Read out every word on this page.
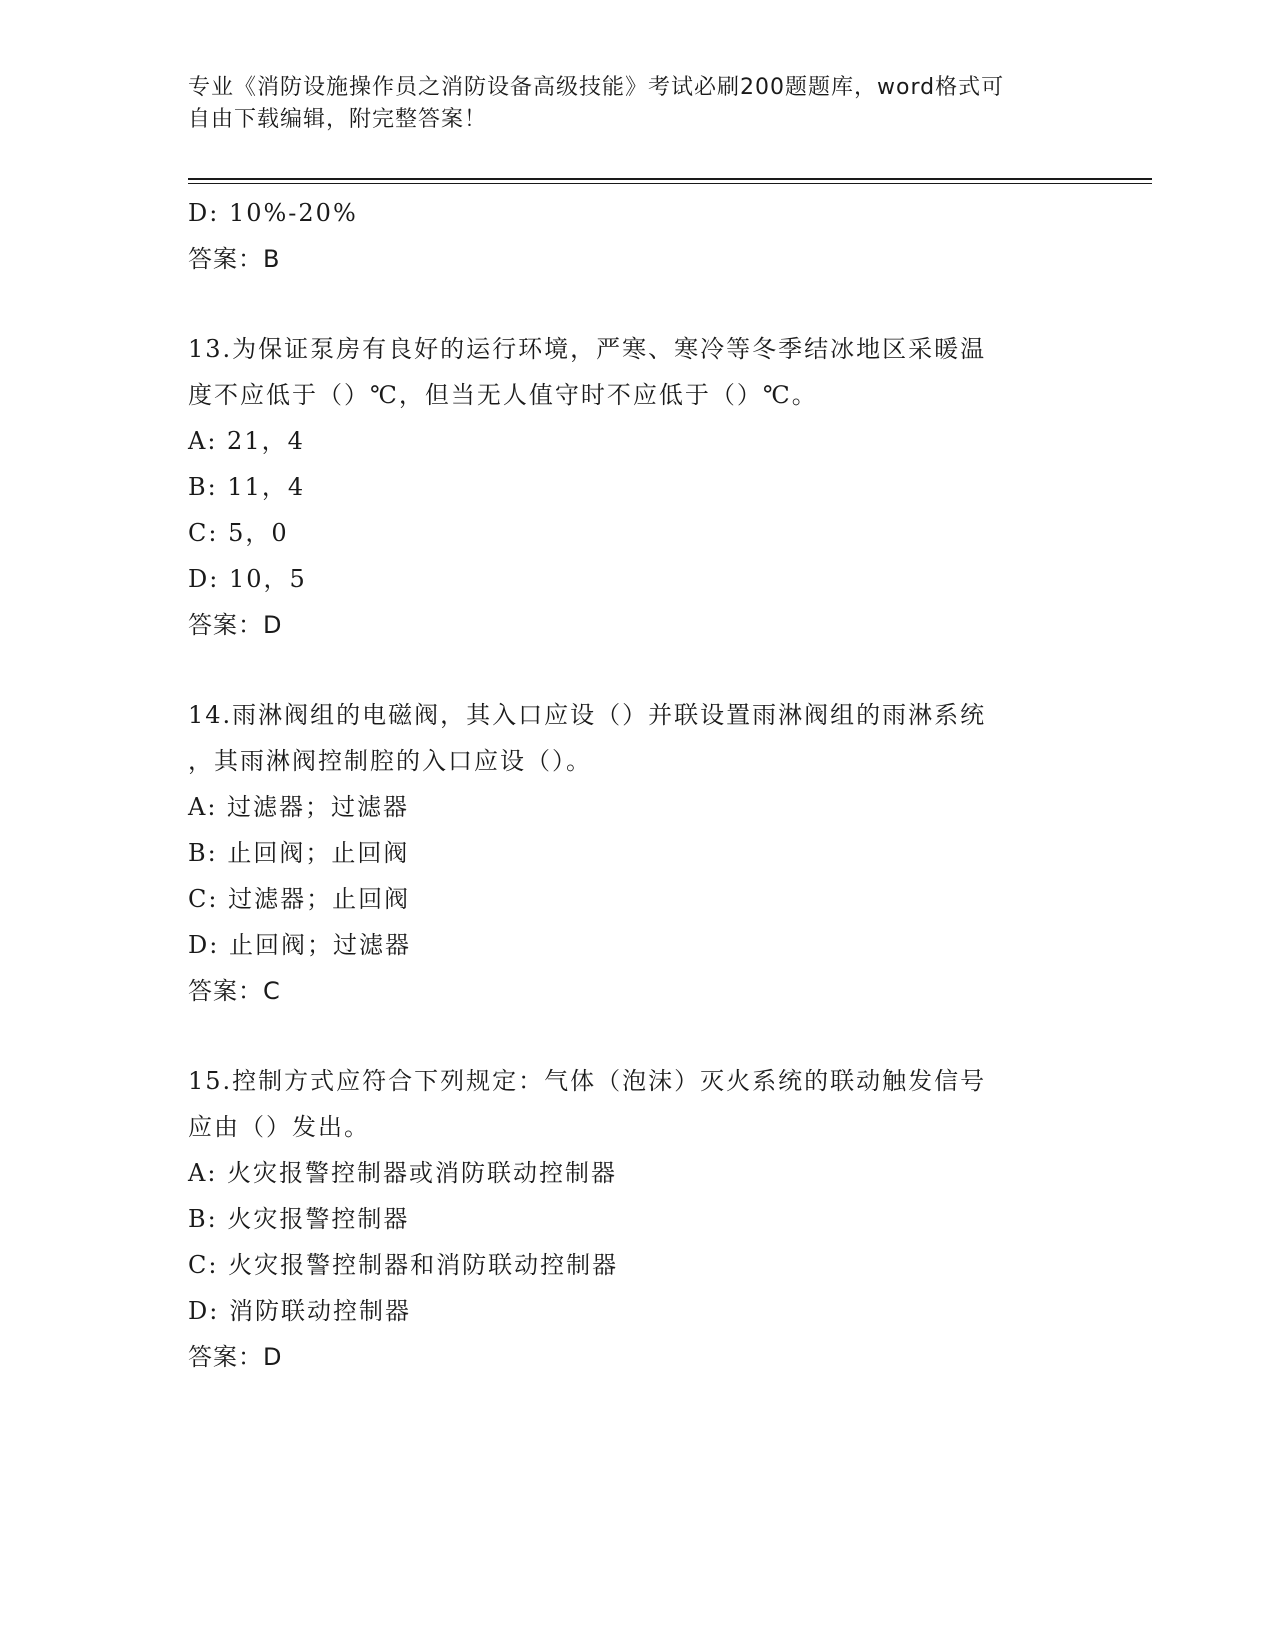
专业《消防设施操作员之消防设备高级技能》考试必刷200题题库，word格式可
自由下载编辑，附完整答案！
D: 10%-20%
答案：B
13.为保证泵房有良好的运行环境，严寒、寒冷等冬季结冰地区采暖温
度不应低于（）℃，但当无人值守时不应低于（）℃。
A: 21，4
B: 11，4
C: 5，0
D: 10，5
答案：D
14.雨淋阀组的电磁阀，其入口应设（）并联设置雨淋阀组的雨淋系统
，其雨淋阀控制腔的入口应设（）。
A: 过滤器；过滤器
B: 止回阀；止回阀
C: 过滤器；止回阀
D: 止回阀；过滤器
答案：C
15.控制方式应符合下列规定：气体（泡沫）灭火系统的联动触发信号
应由（）发出。
A: 火灾报警控制器或消防联动控制器
B: 火灾报警控制器
C: 火灾报警控制器和消防联动控制器
D: 消防联动控制器
答案：D
